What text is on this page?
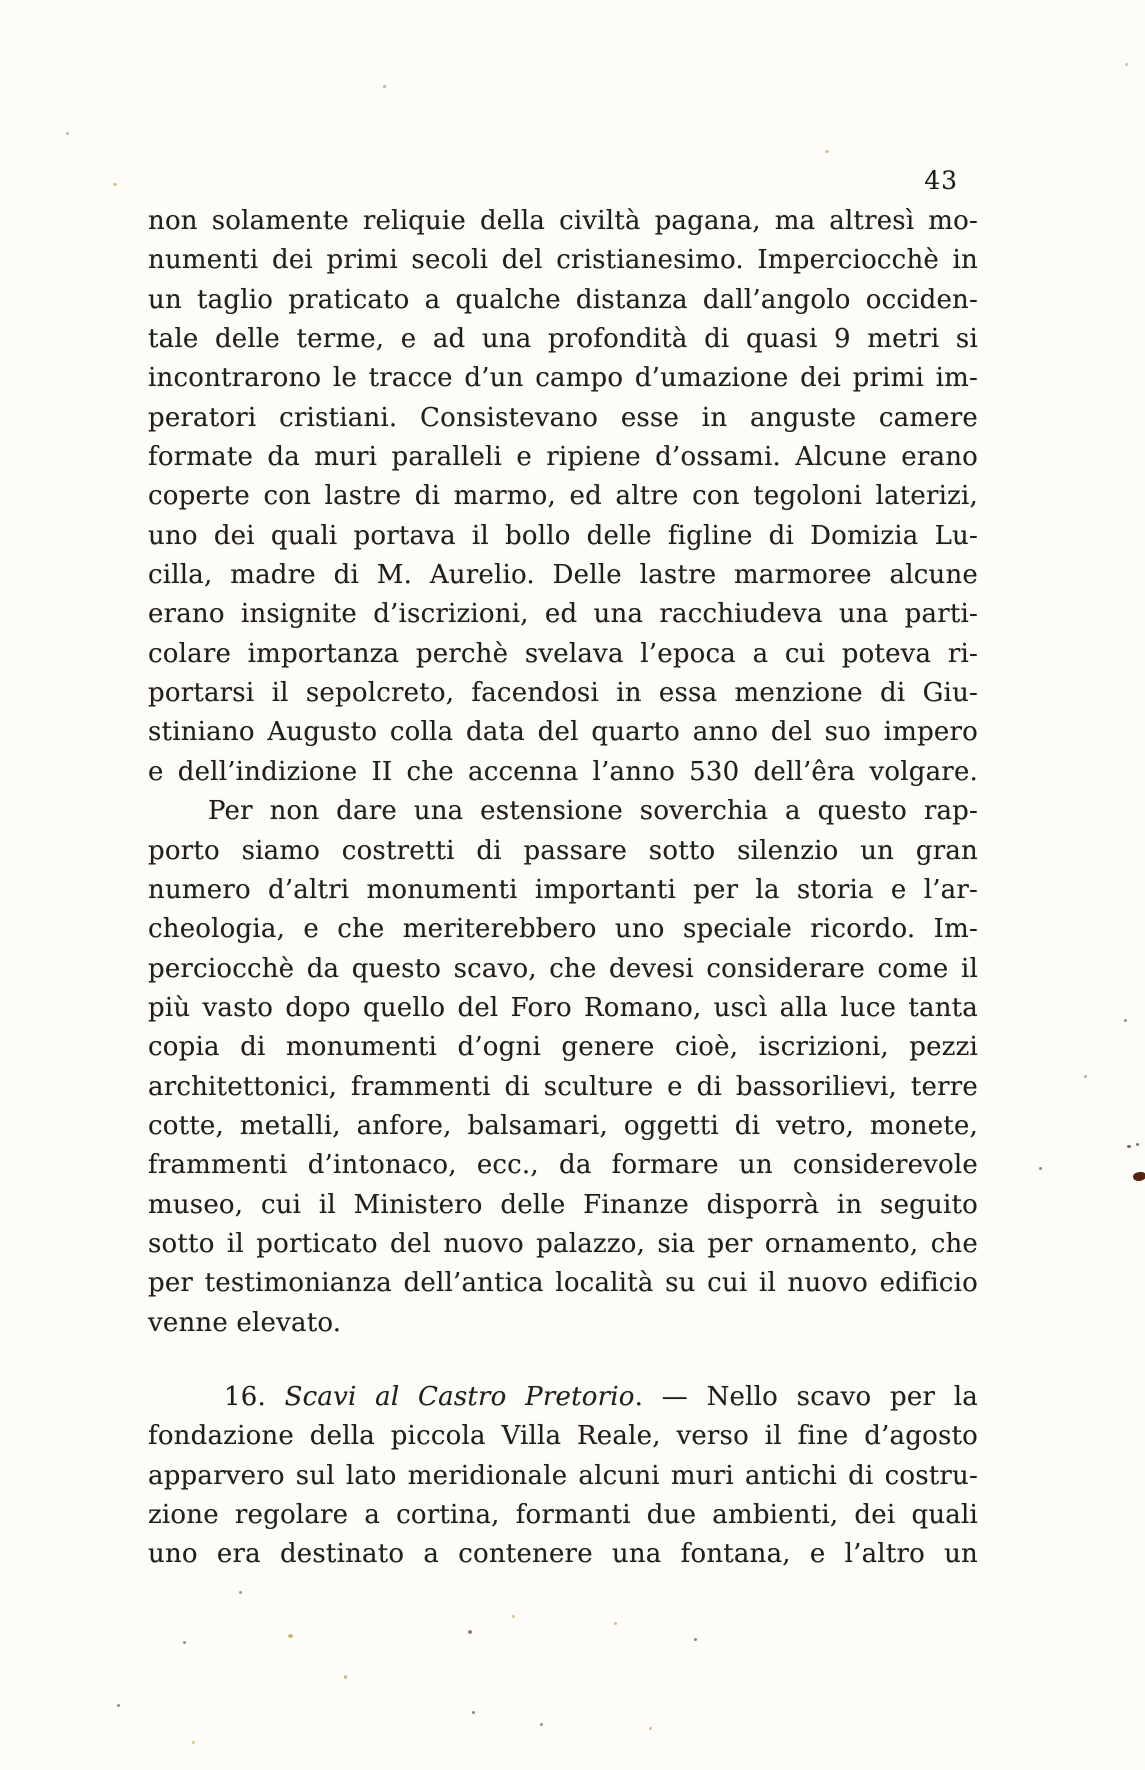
43
non solamente reliquie della civiltà pagana, ma altresì mo-
numenti dei primi secoli del cristianesimo. Imperciocchè in
un taglio praticato a qualche distanza dall’angolo occiden-
tale delle terme, e ad una profondità di quasi 9 metri si
incontrarono le tracce d’un campo d’umazione dei primi im-
peratori cristiani. Consistevano esse in anguste camere
formate da muri paralleli e ripiene d’ossami. Alcune erano
coperte con lastre di marmo, ed altre con tegoloni laterizi,
uno dei quali portava il bollo delle figline di Domizia Lu-
cilla, madre di M. Aurelio. Delle lastre marmoree alcune
erano insignite d’iscrizioni, ed una racchiudeva una parti-
colare importanza perchè svelava l’epoca a cui poteva ri-
portarsi il sepolcreto, facendosi in essa menzione di Giu-
stiniano Augusto colla data del quarto anno del suo impero
e dell’indizione II che accenna l’anno 530 dell’êra volgare.
Per non dare una estensione soverchia a questo rap-
porto siamo costretti di passare sotto silenzio un gran
numero d’altri monumenti importanti per la storia e l’ar-
cheologia, e che meriterebbero uno speciale ricordo. Im-
perciocchè da questo scavo, che devesi considerare come il
più vasto dopo quello del Foro Romano, uscì alla luce tanta
copia di monumenti d’ogni genere cioè, iscrizioni, pezzi
architettonici, frammenti di sculture e di bassorilievi, terre
cotte, metalli, anfore, balsamari, oggetti di vetro, monete,
frammenti d’intonaco, ecc., da formare un considerevole
museo, cui il Ministero delle Finanze disporrà in seguito
sotto il porticato del nuovo palazzo, sia per ornamento, che
per testimonianza dell’antica località su cui il nuovo edificio
venne elevato.
16. Scavi al Castro Pretorio. — Nello scavo per la
fondazione della piccola Villa Reale, verso il fine d’agosto
apparvero sul lato meridionale alcuni muri antichi di costru-
zione regolare a cortina, formanti due ambienti, dei quali
uno era destinato a contenere una fontana, e l’altro un
